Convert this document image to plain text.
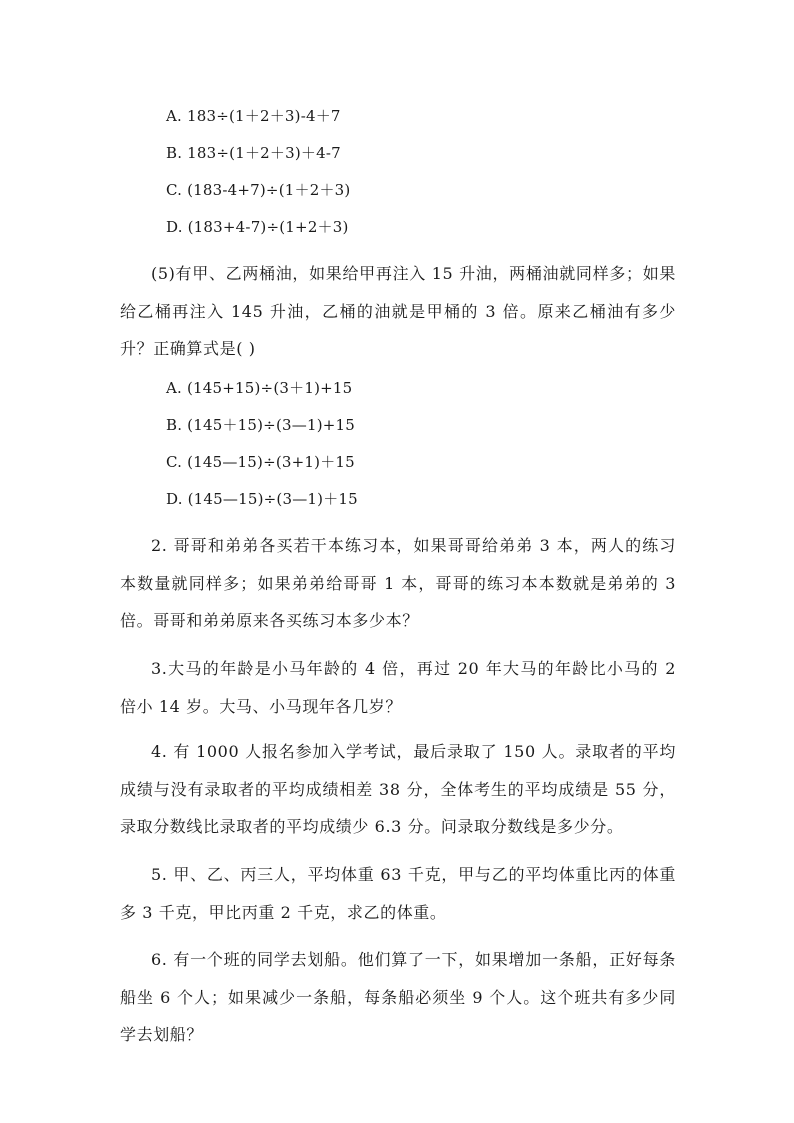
A. 183÷(1＋2＋3)-4＋7
B. 183÷(1＋2＋3)＋4-7
C. (183-4+7)÷(1＋2＋3)
D. (183+4-7)÷(1+2＋3)
(5)有甲、乙两桶油，如果给甲再注入 15 升油，两桶油就同样多；如果给乙桶再注入 145 升油，乙桶的油就是甲桶的 3 倍。原来乙桶油有多少升？正确算式是( )
A. (145+15)÷(3＋1)+15
B. (145＋15)÷(3—1)+15
C. (145—15)÷(3+1)＋15
D. (145—15)÷(3—1)＋15
2. 哥哥和弟弟各买若干本练习本，如果哥哥给弟弟 3 本，两人的练习本数量就同样多；如果弟弟给哥哥 1 本，哥哥的练习本本数就是弟弟的 3 倍。哥哥和弟弟原来各买练习本多少本？
3.大马的年龄是小马年龄的 4 倍，再过 20 年大马的年龄比小马的 2 倍小 14 岁。大马、小马现年各几岁？
4. 有 1000 人报名参加入学考试，最后录取了 150 人。录取者的平均成绩与没有录取者的平均成绩相差 38 分，全体考生的平均成绩是 55 分，录取分数线比录取者的平均成绩少 6.3 分。问录取分数线是多少分。
5. 甲、乙、丙三人，平均体重 63 千克，甲与乙的平均体重比丙的体重多 3 千克，甲比丙重 2 千克，求乙的体重。
6. 有一个班的同学去划船。他们算了一下，如果增加一条船，正好每条船坐 6 个人；如果减少一条船，每条船必须坐 9 个人。这个班共有多少同学去划船？
